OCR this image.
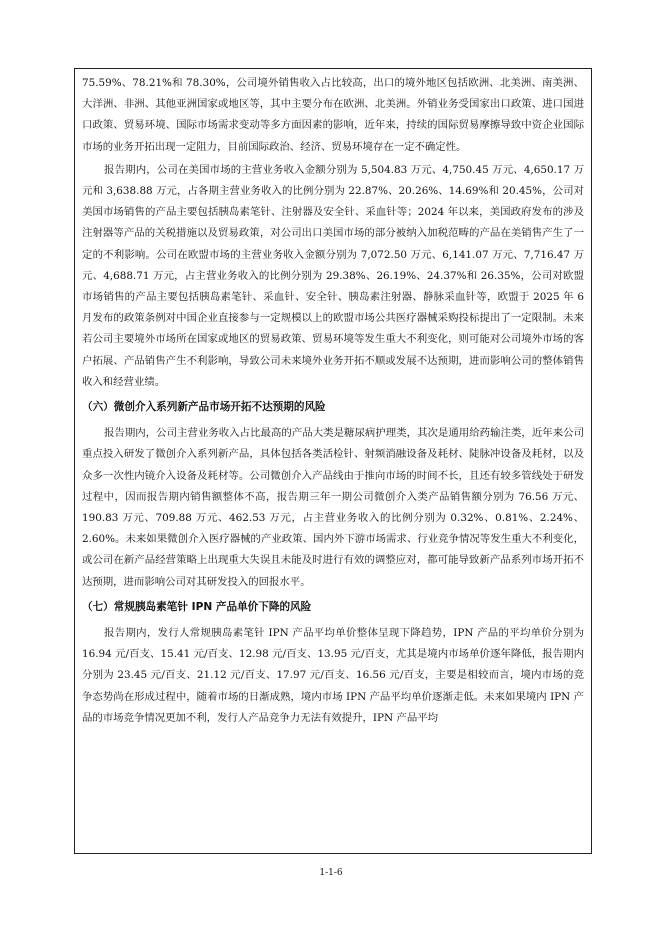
75.59%、78.21%和 78.30%，公司境外销售收入占比较高，出口的境外地区包括欧洲、北美洲、南美洲、大洋洲、非洲、其他亚洲国家或地区等，其中主要分布在欧洲、北美洲。外销业务受国家出口政策、进口国进口政策、贸易环境、国际市场需求变动等多方面因素的影响，近年来，持续的国际贸易摩擦导致中资企业国际市场的业务开拓出现一定阻力，目前国际政治、经济、贸易环境存在一定不确定性。

报告期内，公司在美国市场的主营业务收入金额分别为 5,504.83 万元、4,750.45 万元、4,650.17 万元和 3,638.88 万元，占各期主营业务收入的比例分别为 22.87%、20.26%、14.69%和 20.45%，公司对美国市场销售的产品主要包括胰岛素笔针、注射器及安全针、采血针等；2024 年以来，美国政府发布的涉及注射器等产品的关税措施以及贸易政策，对公司出口美国市场的部分被纳入加税范畴的产品在美销售产生了一定的不利影响。公司在欧盟市场的主营业务收入金额分别为 7,072.50 万元、6,141.07 万元、7,716.47 万元、4,688.71 万元，占主营业务收入的比例分别为 29.38%、26.19%、24.37%和 26.35%，公司对欧盟市场销售的产品主要包括胰岛素笔针、采血针、安全针、胰岛素注射器、静脉采血针等，欧盟于 2025 年 6 月发布的政策条例对中国企业直接参与一定规模以上的欧盟市场公共医疗器械采购投标提出了一定限制。未来若公司主要境外市场所在国家或地区的贸易政策、贸易环境等发生重大不利变化，则可能对公司境外市场的客户拓展、产品销售产生不利影响，导致公司未来境外业务开拓不顺或发展不达预期，进而影响公司的整体销售收入和经营业绩。

（六）微创介入系列新产品市场开拓不达预期的风险

报告期内，公司主营业务收入占比最高的产品大类是糖尿病护理类，其次是通用给药输注类，近年来公司重点投入研发了微创介入系列新产品，具体包括各类活检针、射频消融设备及耗材、陡脉冲设备及耗材，以及众多一次性内镜介入设备及耗材等。公司微创介入产品线由于推向市场的时间不长，且还有较多管线处于研发过程中，因而报告期内销售额整体不高，报告期三年一期公司微创介入类产品销售额分别为 76.56 万元、190.83 万元、709.88 万元、462.53 万元，占主营业务收入的比例分别为 0.32%、0.81%、2.24%、2.60%。未来如果微创介入医疗器械的产业政策、国内外下游市场需求、行业竞争情况等发生重大不利变化，或公司在新产品经营策略上出现重大失误且未能及时进行有效的调整应对，都可能导致新产品系列市场开拓不达预期，进而影响公司对其研发投入的回报水平。

（七）常规胰岛素笔针 IPN 产品单价下降的风险

报告期内，发行人常规胰岛素笔针 IPN 产品平均单价整体呈现下降趋势，IPN 产品的平均单价分别为 16.94 元/百支、15.41 元/百支、12.98 元/百支、13.95 元/百支，尤其是境内市场单价逐年降低，报告期内分别为 23.45 元/百支、21.12 元/百支、17.97 元/百支、16.56 元/百支，主要是相较而言，境内市场的竞争态势尚在形成过程中，随着市场的日渐成熟，境内市场 IPN 产品平均单价逐渐走低。未来如果境内 IPN 产品的市场竞争情况更加不利，发行人产品竞争力无法有效提升，IPN 产品平均

1-1-6
